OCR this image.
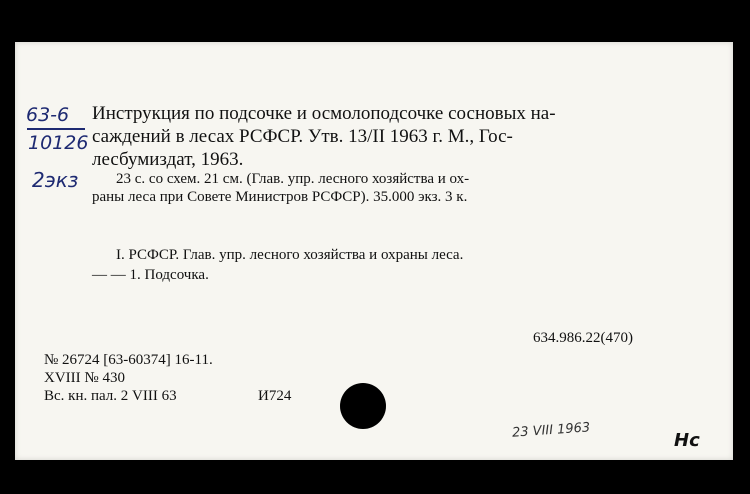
63-6
10126
2экз
Инструкция по подсочке и осмолоподсочке сосновых на-
саждений в лесах РСФСР. Утв. 13/II 1963 г. М., Гос-
лесбумиздат, 1963.
23 с. со схем. 21 см. (Глав. упр. лесного хозяйства и ох-
раны леса при Совете Министров РСФСР). 35.000 экз. 3 к.
I. РСФСР. Глав. упр. лесного хозяйства и охраны леса.
— — 1. Подсочка.
634.986.22(470)
№ 26724 [63-60374] 16-11.
XVIII № 430
Вс. кн. пал. 2 VIII 63	И724
23 VIII 1963	Нс
